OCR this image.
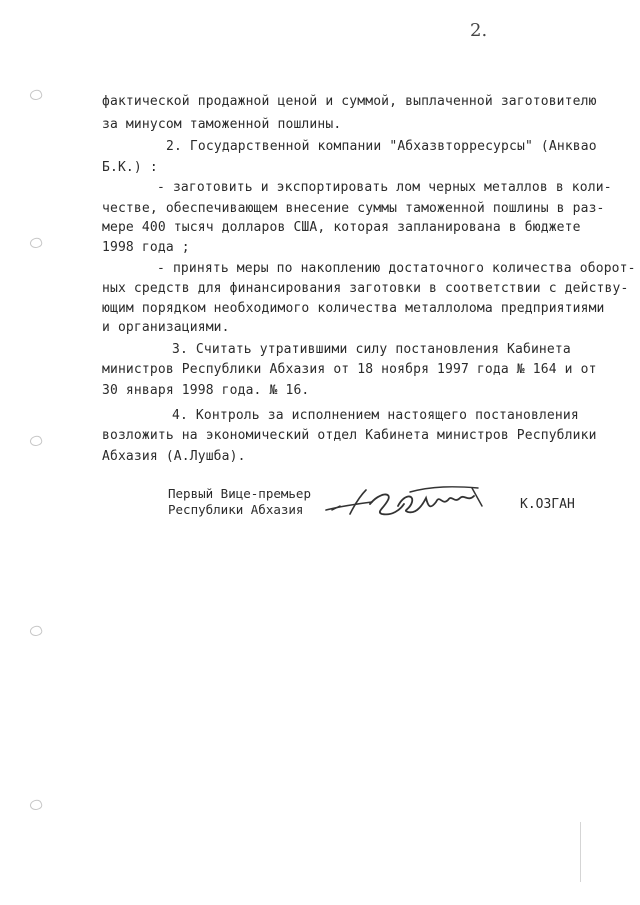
2.
фактической продажной ценой и суммой, выплаченной заготовителю
за минусом таможенной пошлины.
2. Государственной компании "Абхазвторресурсы" (Анквао
Б.К.) :
- заготовить и экспортировать лом черных металлов в коли-
честве, обеспечивающем внесение суммы таможенной пошлины в раз-
мере 400 тысяч долларов США, которая запланирована в бюджете
1998 года ;
- принять меры по накоплению достаточного количества оборот-
ных средств для финансирования заготовки в соответствии с действу-
ющим порядком необходимого количества металлолома предприятиями
и организациями.
3. Считать утратившими силу постановления Кабинета
министров Республики Абхазия от 18 ноября 1997 года № 164 и от
30 января 1998 года. № 16.
4. Контроль за исполнением настоящего постановления
возложить на экономический отдел Кабинета министров Республики
Абхазия (А.Лушба).
Первый Вице-премьер
Республики Абхазия	К.ОЗГАН
